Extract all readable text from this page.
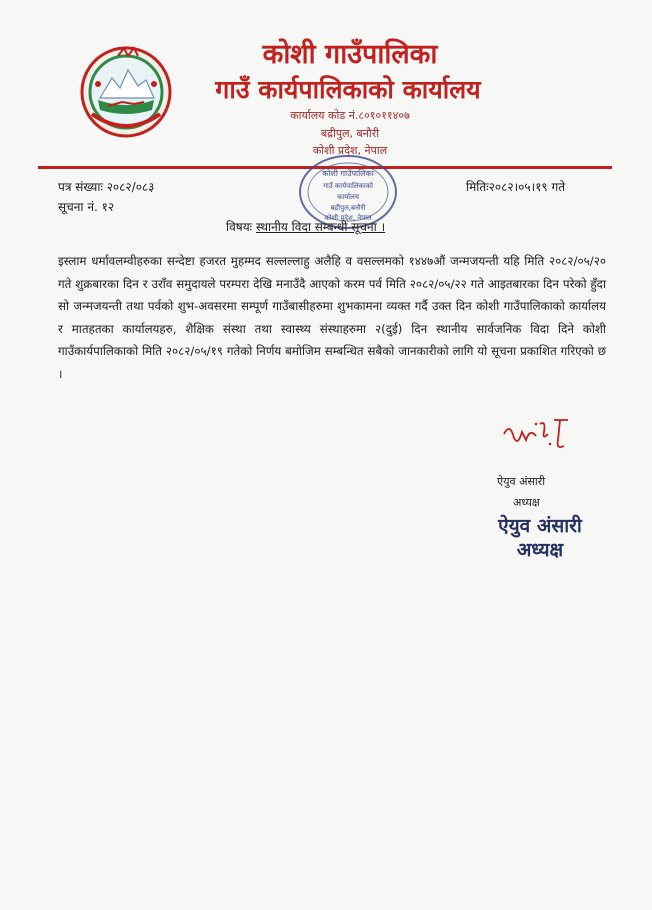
कोशी गाउँपालिका
गाउँ कार्यपालिकाको कार्यालय
कार्यालय कोड नं.८०१०११४०७
बद्रीपुल, बनौरी
कोशी प्रदेश, नेपाल
कोशी गाउँपालिका
गाउँ कार्यपालिकाको
कार्यालय
बद्रीपुल,बनौरी
कोशी प्रदेश, नेपाल
पत्र संख्याः २०८२/०८३
सूचना नं. १२
मितिः२०८२।०५।१९ गते
विषयः स्थानीय विदा सम्बन्धी सूचना ।
इस्लाम धर्मावलम्वीहरुका सन्देष्टा हजरत मुहम्मद सल्लल्लाहु अलैहि व वसल्लमको १४४७औं जन्मजयन्ती यहि मिति २०८२/०५/२० गते शुक्रबारका दिन र उराँव समुदायले परम्परा देखि मनाउँदै आएको करम पर्व मिति २०८२/०५/२२ गते आइतबारका दिन परेको हुँदा सो जन्मजयन्ती तथा पर्वको शुभ-अवसरमा सम्पूर्ण गाउँबासीहरुमा शुभकामना व्यक्त गर्दै उक्त दिन कोशी गाउँपालिकाको कार्यालय र मातहतका कार्यालयहरु, शैक्षिक संस्था तथा स्वास्थ्य संस्थाहरुमा २(दुई) दिन स्थानीय सार्वजनिक विदा दिने कोशी गाउँकार्यपालिकाको मिति २०८२/०५/१९ गतेको निर्णय बमोजिम सम्बन्धित सबैको जानकारीको लागि यो सूचना प्रकाशित गरिएको छ ।
ऐयुव अंसारी
अध्यक्ष
ऐयुव अंसारी
अध्यक्ष
